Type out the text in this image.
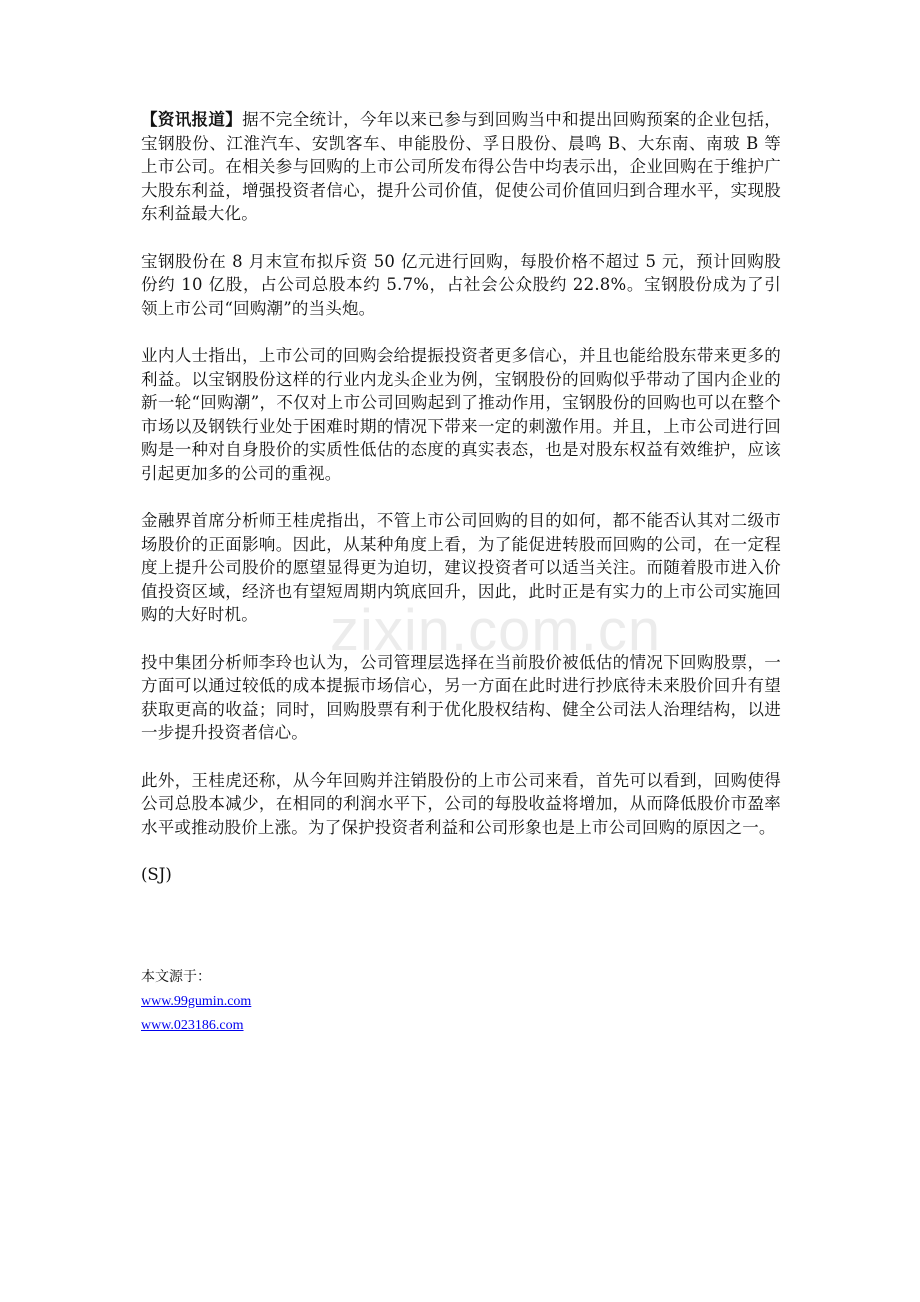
zixin.com.cn

【资讯报道】据不完全统计，今年以来已参与到回购当中和提出回购预案的企业包括，宝钢股份、江淮汽车、安凯客车、申能股份、孚日股份、晨鸣 B、大东南、南玻 B 等上市公司。在相关参与回购的上市公司所发布得公告中均表示出，企业回购在于维护广大股东利益，增强投资者信心，提升公司价值，促使公司价值回归到合理水平，实现股东利益最大化。

宝钢股份在 8 月末宣布拟斥资 50 亿元进行回购，每股价格不超过 5 元，预计回购股份约 10 亿股，占公司总股本约 5.7%，占社会公众股约 22.8%。宝钢股份成为了引领上市公司“回购潮”的当头炮。

业内人士指出，上市公司的回购会给提振投资者更多信心，并且也能给股东带来更多的利益。以宝钢股份这样的行业内龙头企业为例，宝钢股份的回购似乎带动了国内企业的新一轮“回购潮”，不仅对上市公司回购起到了推动作用，宝钢股份的回购也可以在整个市场以及钢铁行业处于困难时期的情况下带来一定的刺激作用。并且，上市公司进行回购是一种对自身股价的实质性低估的态度的真实表态，也是对股东权益有效维护，应该引起更加多的公司的重视。

金融界首席分析师王桂虎指出，不管上市公司回购的目的如何，都不能否认其对二级市场股价的正面影响。因此，从某种角度上看，为了能促进转股而回购的公司，在一定程度上提升公司股价的愿望显得更为迫切，建议投资者可以适当关注。而随着股市进入价值投资区域，经济也有望短周期内筑底回升，因此，此时正是有实力的上市公司实施回购的大好时机。

投中集团分析师李玲也认为，公司管理层选择在当前股价被低估的情况下回购股票，一方面可以通过较低的成本提振市场信心，另一方面在此时进行抄底待未来股价回升有望获取更高的收益；同时，回购股票有利于优化股权结构、健全公司法人治理结构，以进一步提升投资者信心。

此外，王桂虎还称，从今年回购并注销股份的上市公司来看，首先可以看到，回购使得公司总股本减少，在相同的利润水平下，公司的每股收益将增加，从而降低股价市盈率水平或推动股价上涨。为了保护投资者利益和公司形象也是上市公司回购的原因之一。

(SJ)

本文源于：
www.99gumin.com
www.023186.com
